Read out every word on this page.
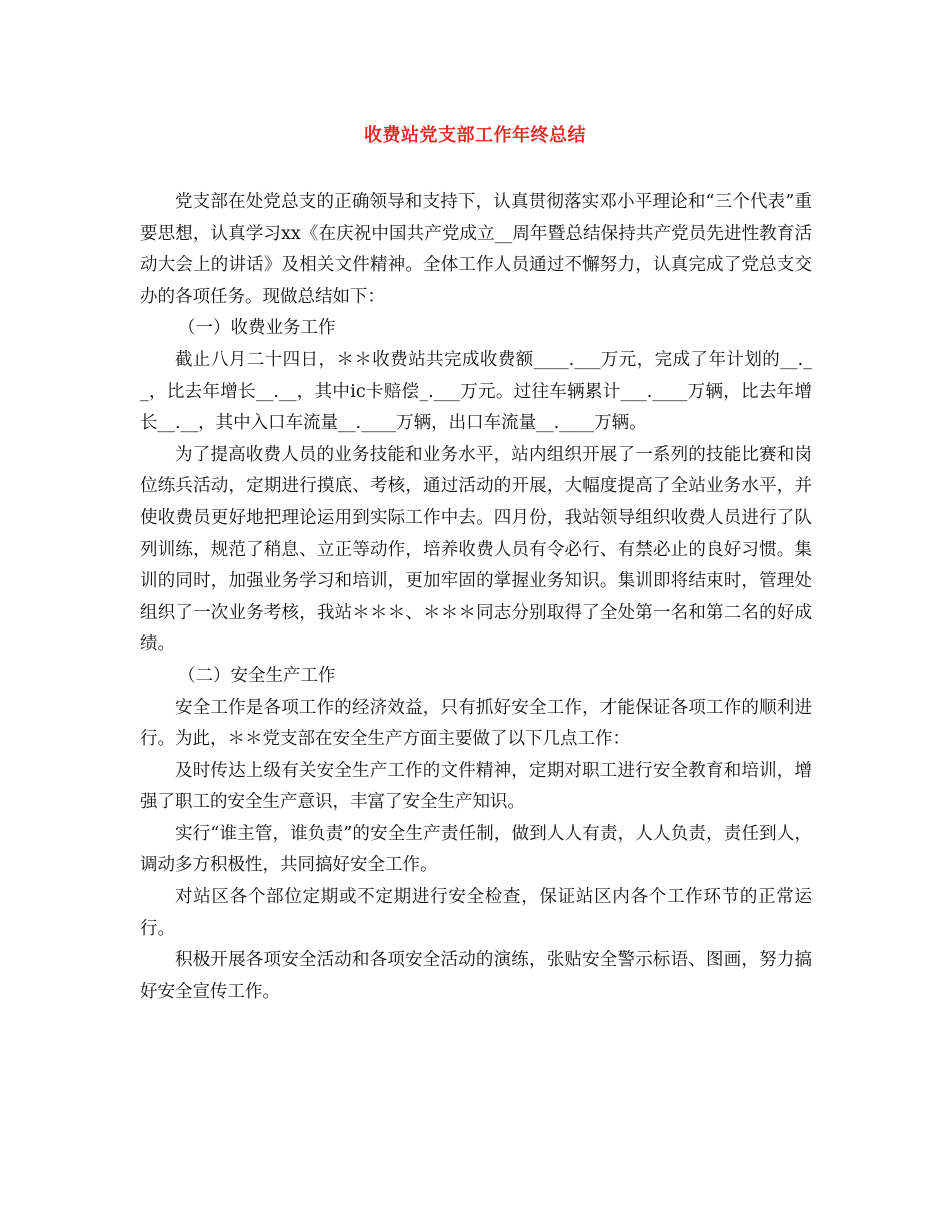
收费站党支部工作年终总结

党支部在处党总支的正确领导和支持下，认真贯彻落实邓小平理论和“三个代表”重要思想，认真学习xx《在庆祝中国共产党成立__周年暨总结保持共产党员先进性教育活动大会上的讲话》及相关文件精神。全体工作人员通过不懈努力，认真完成了党总支交办的各项任务。现做总结如下：

（一）收费业务工作

截止八月二十四日，＊＊收费站共完成收费额____.___万元，完成了年计划的__.__，比去年增长__.__，其中ic卡赔偿_.___万元。过往车辆累计___.____万辆，比去年增长__.__，其中入口车流量__.____万辆，出口车流量__.____万辆。

为了提高收费人员的业务技能和业务水平，站内组织开展了一系列的技能比赛和岗位练兵活动，定期进行摸底、考核，通过活动的开展，大幅度提高了全站业务水平，并使收费员更好地把理论运用到实际工作中去。四月份，我站领导组织收费人员进行了队列训练，规范了稍息、立正等动作，培养收费人员有令必行、有禁必止的良好习惯。集训的同时，加强业务学习和培训，更加牢固的掌握业务知识。集训即将结束时，管理处组织了一次业务考核，我站＊＊＊、＊＊＊同志分别取得了全处第一名和第二名的好成绩。

（二）安全生产工作

安全工作是各项工作的经济效益，只有抓好安全工作，才能保证各项工作的顺利进行。为此，＊＊党支部在安全生产方面主要做了以下几点工作：

及时传达上级有关安全生产工作的文件精神，定期对职工进行安全教育和培训，增强了职工的安全生产意识，丰富了安全生产知识。

实行“谁主管，谁负责”的安全生产责任制，做到人人有责，人人负责，责任到人，调动多方积极性，共同搞好安全工作。

对站区各个部位定期或不定期进行安全检查，保证站区内各个工作环节的正常运行。

积极开展各项安全活动和各项安全活动的演练，张贴安全警示标语、图画，努力搞好安全宣传工作。
